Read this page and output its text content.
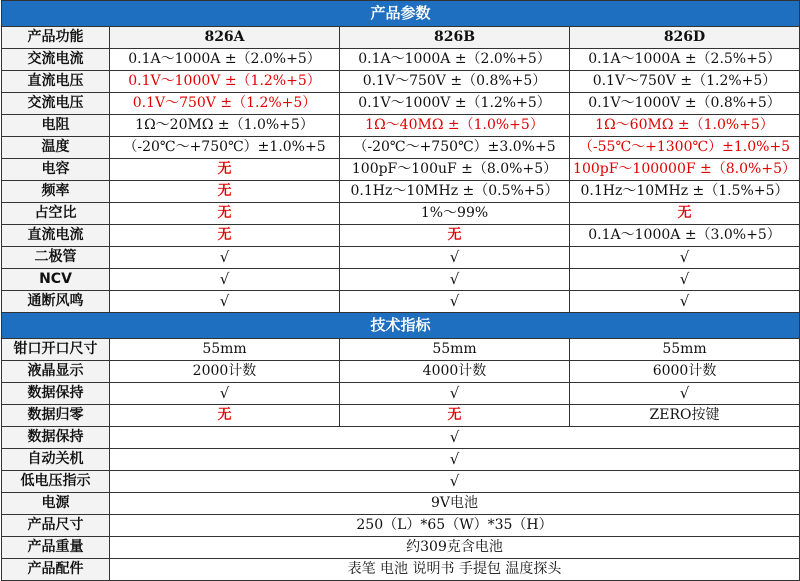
产品参数			
产品功能	826A	826B	826D
交流电流	0.1A～1000A ±（2.0%+5）	0.1A～1000A ±（2.0%+5）	0.1A～1000A ±（2.5%+5）
直流电压	0.1V～1000V ±（1.2%+5）	0.1V～750V ±（0.8%+5）	0.1V～750V ±（1.2%+5）
交流电压	0.1V～750V ±（1.2%+5）	0.1V～1000V ±（1.2%+5）	0.1V～1000V ±（0.8%+5）
电阻	1Ω～20MΩ ±（1.0%+5）	1Ω～40MΩ ±（1.0%+5）	1Ω～60MΩ ±（1.0%+5）
温度	（-20℃～+750℃）±1.0%+5	（-20℃～+750℃）±3.0%+5	（-55℃～+1300℃）±1.0%+5
电容	无	100pF～100uF ±（8.0%+5）	100pF～100000F ±（8.0%+5）
频率	无	0.1Hz～10MHz ±（0.5%+5）	0.1Hz～10MHz ±（1.5%+5）
占空比	无	1%～99%	无
直流电流	无	无	0.1A～1000A ±（3.0%+5）
二极管	√	√	√
NCV	√	√	√
通断风鸣	√	√	√
技术指标			
钳口开口尺寸	55mm	55mm	55mm
液晶显示	2000计数	4000计数	6000计数
数据保持	√	√	√
数据归零	无	无	ZERO按键
数据保持	√		
自动关机	√		
低电压指示	√		
电源	9V电池		
产品尺寸	250（L）*65（W）*35（H）		
产品重量	约309克含电池		
产品配件	表笔 电池 说明书 手提包 温度探头		
